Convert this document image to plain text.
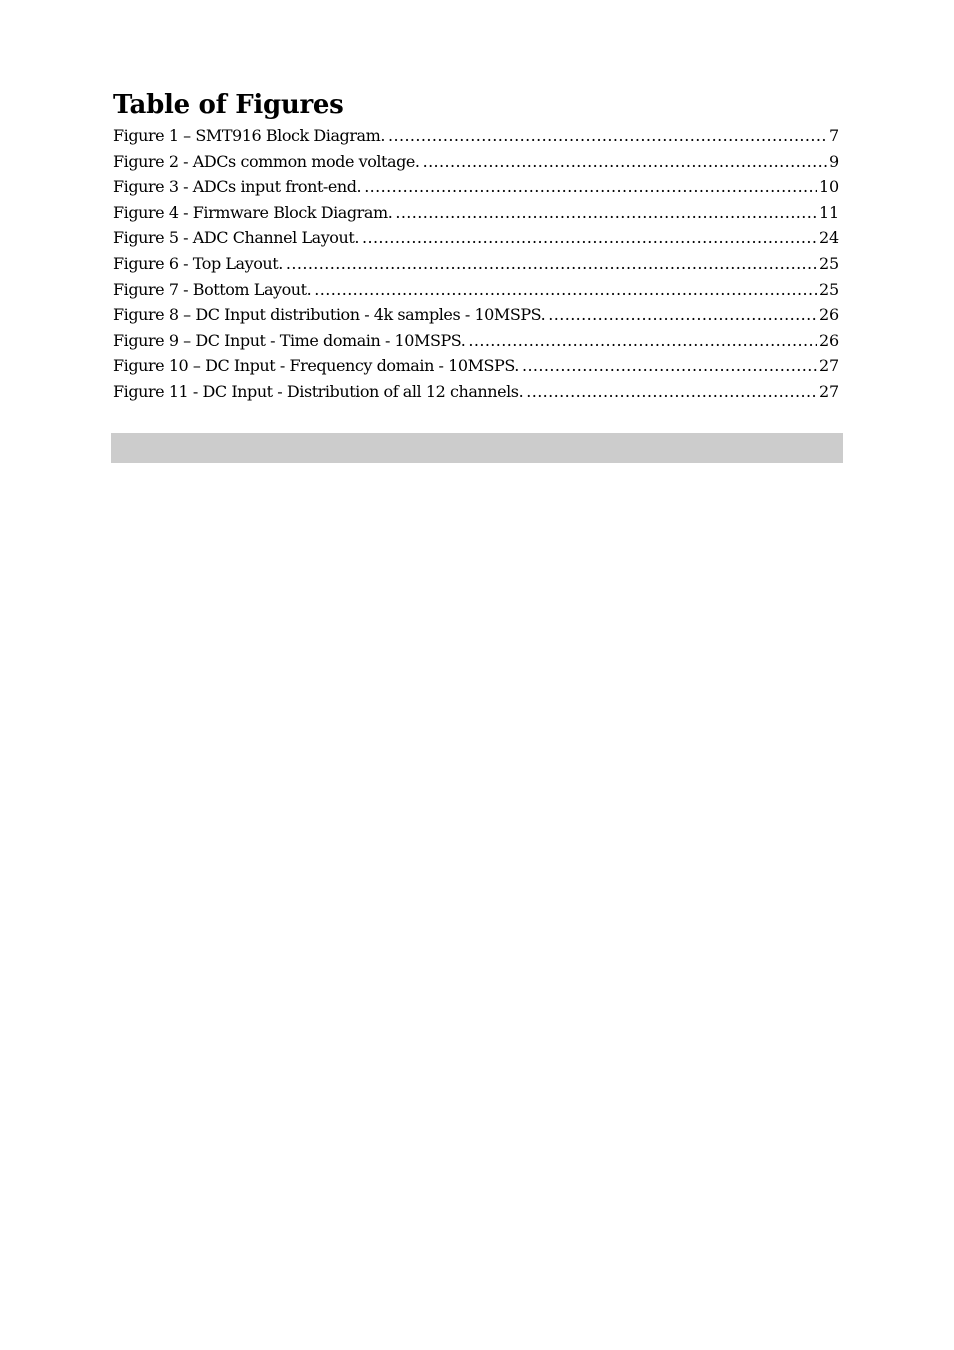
Table of Figures
Figure 1 – SMT916 Block Diagram. .....	7
Figure 2 - ADCs common mode voltage. .....	9
Figure 3 - ADCs input front-end. .....	10
Figure 4 - Firmware Block Diagram. .....	11
Figure 5 - ADC Channel Layout. .....	24
Figure 6 - Top Layout. .....	25
Figure 7 - Bottom Layout. .....	25
Figure 8 – DC Input distribution - 4k samples - 10MSPS. .....	26
Figure 9 – DC Input - Time domain - 10MSPS. .....	26
Figure 10 – DC Input - Frequency domain - 10MSPS. .....	27
Figure 11 - DC Input - Distribution of all 12 channels. .....	27
